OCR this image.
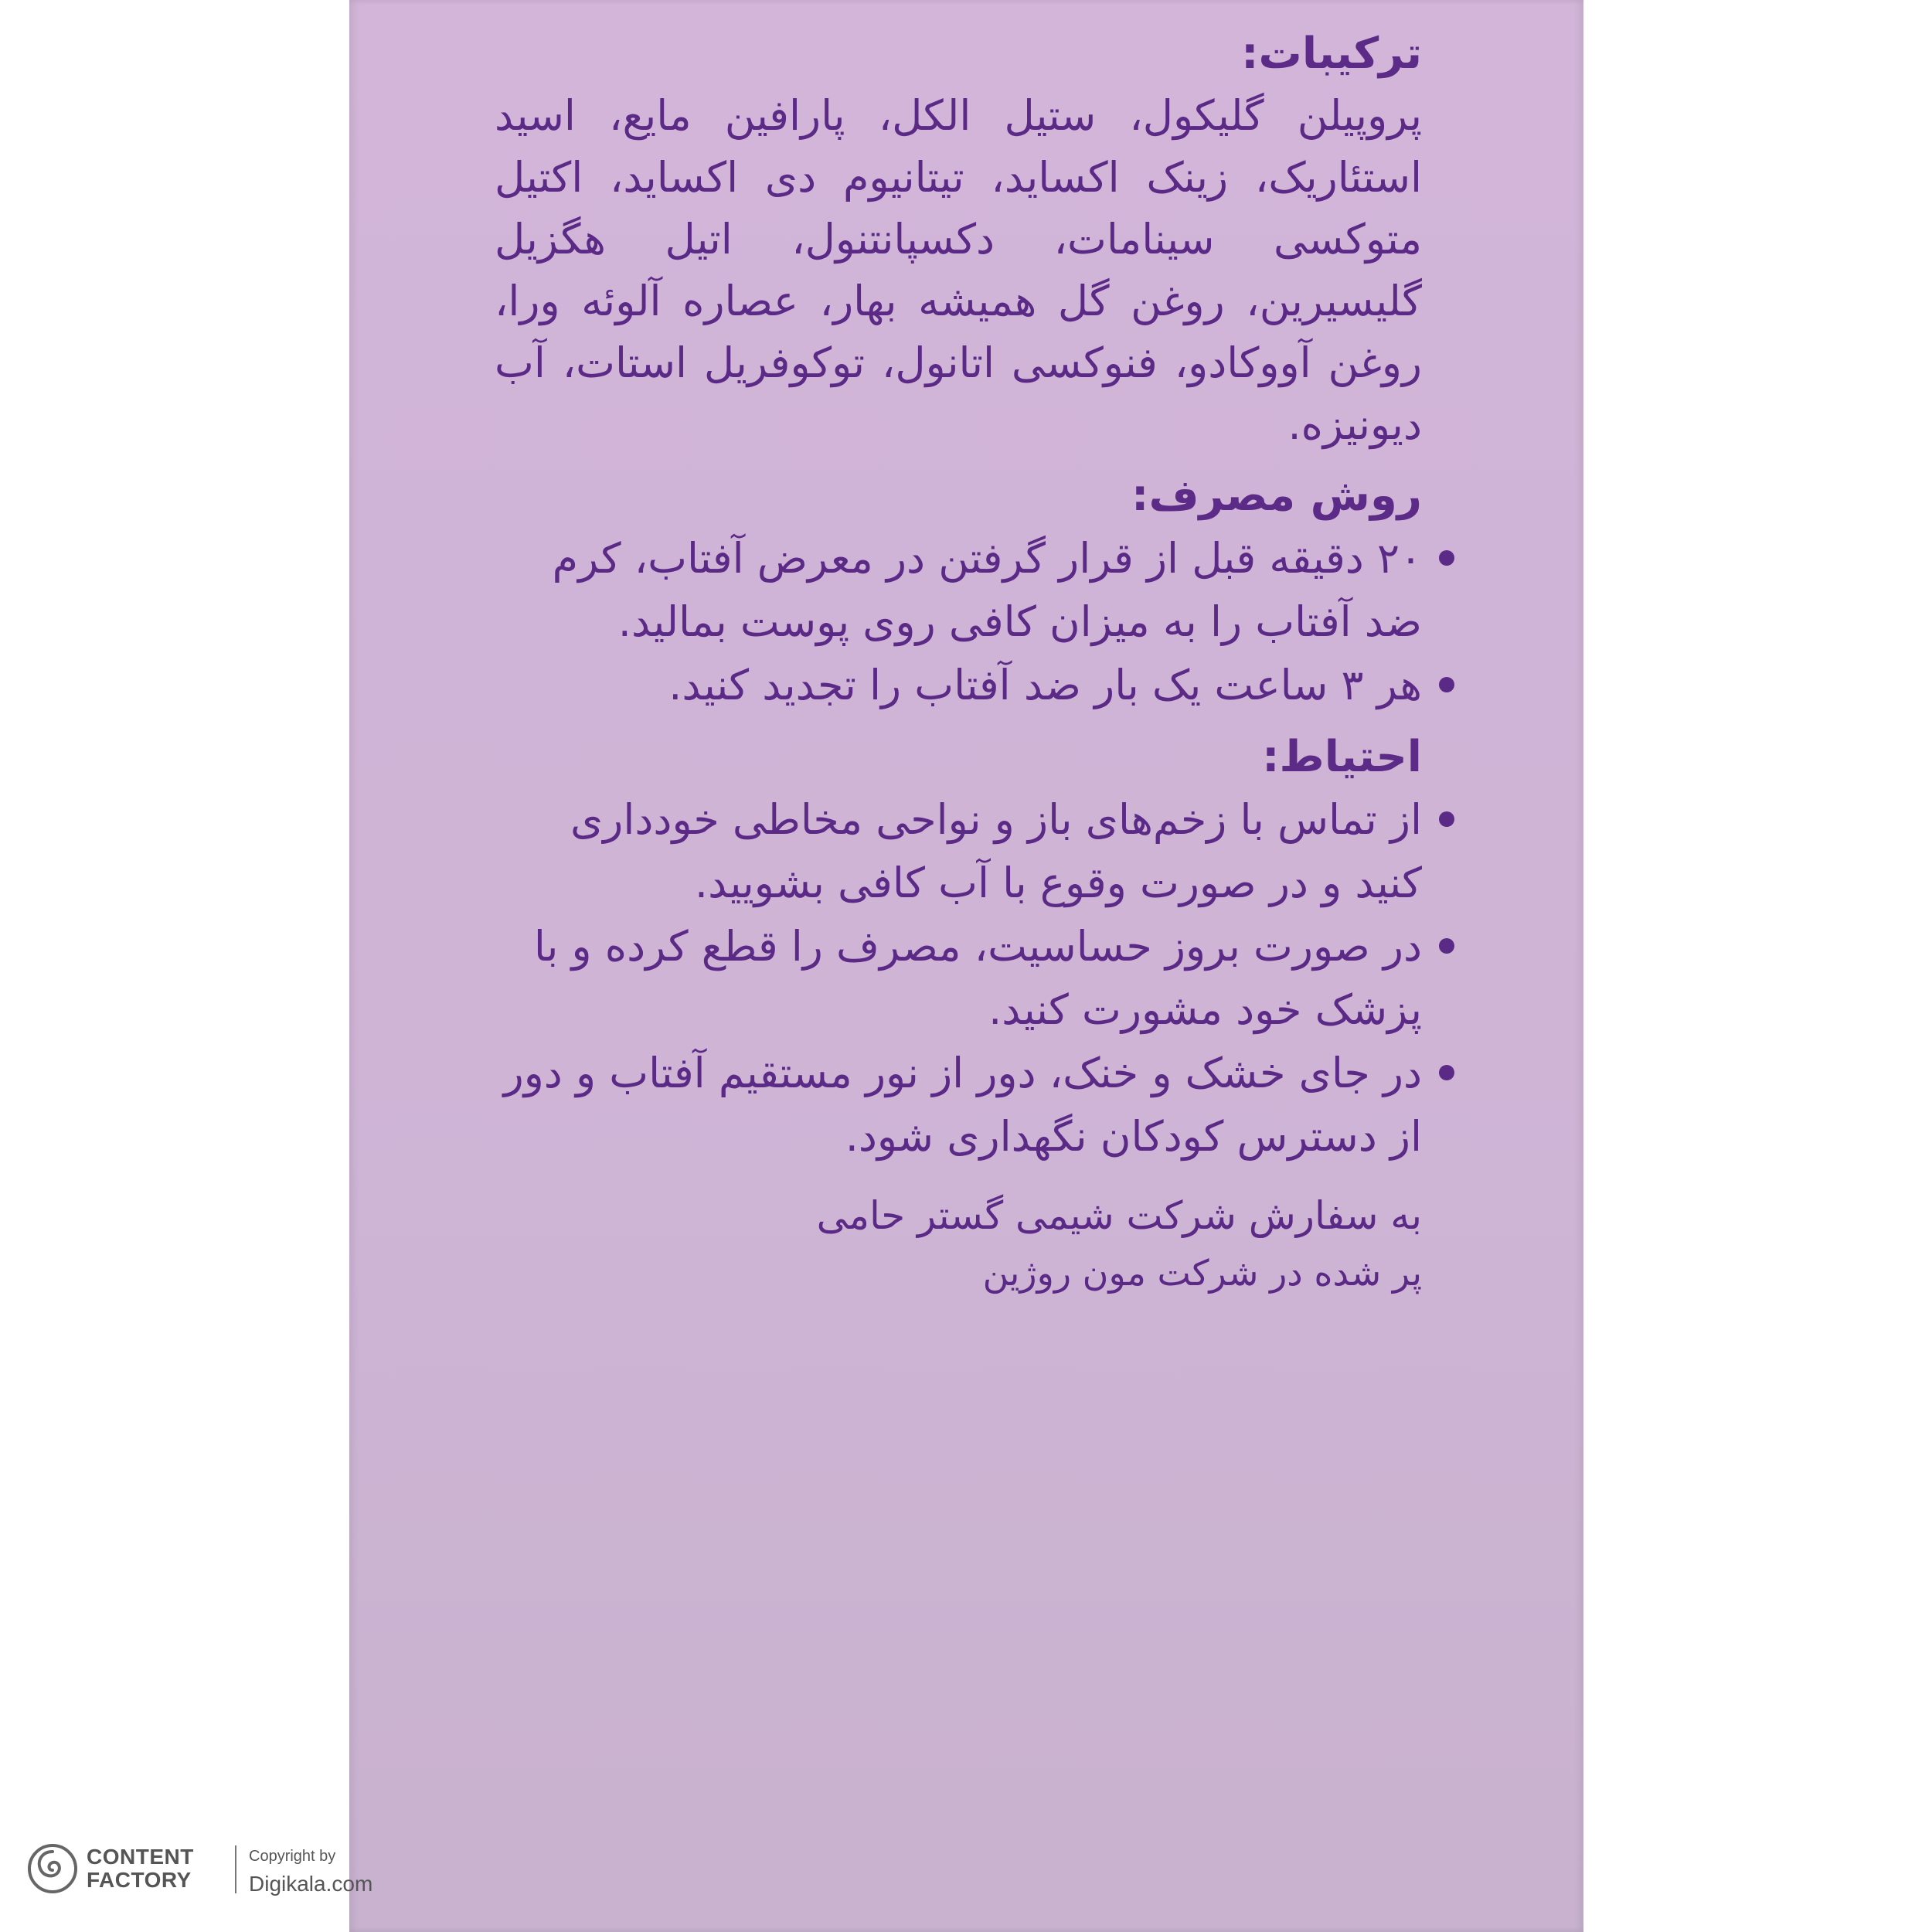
ترکیبات:

پروپیلن گلیکول، ستیل الکل، پارافین مایع، اسید استئاریک، زینک اکساید، تیتانیوم دی اکساید، اکتیل متوکسی سینامات، دکسپانتنول، اتیل هگزیل گلیسیرین، روغن گل همیشه بهار، عصاره آلوئه ورا، روغن آووکادو، فنوکسی اتانول، توکوفریل استات، آب دیونیزه.

روش مصرف:

۲۰ دقیقه قبل از قرار گرفتن در معرض آفتاب، کرم ضد آفتاب را به میزان کافی روی پوست بمالید.
هر ۳ ساعت یک بار ضد آفتاب را تجدید کنید.

احتیاط:

از تماس با زخم‌های باز و نواحی مخاطی خودداری کنید و در صورت وقوع با آب کافی بشویید.
در صورت بروز حساسیت، مصرف را قطع کرده و با پزشک خود مشورت کنید.
در جای خشک و خنک، دور از نور مستقیم آفتاب و دور از دسترس کودکان نگهداری شود.

به سفارش شرکت شیمی گستر حامی

پر شده در شرکت مون روژین

CONTENT
FACTORY
Copyright by
Digikala.com
